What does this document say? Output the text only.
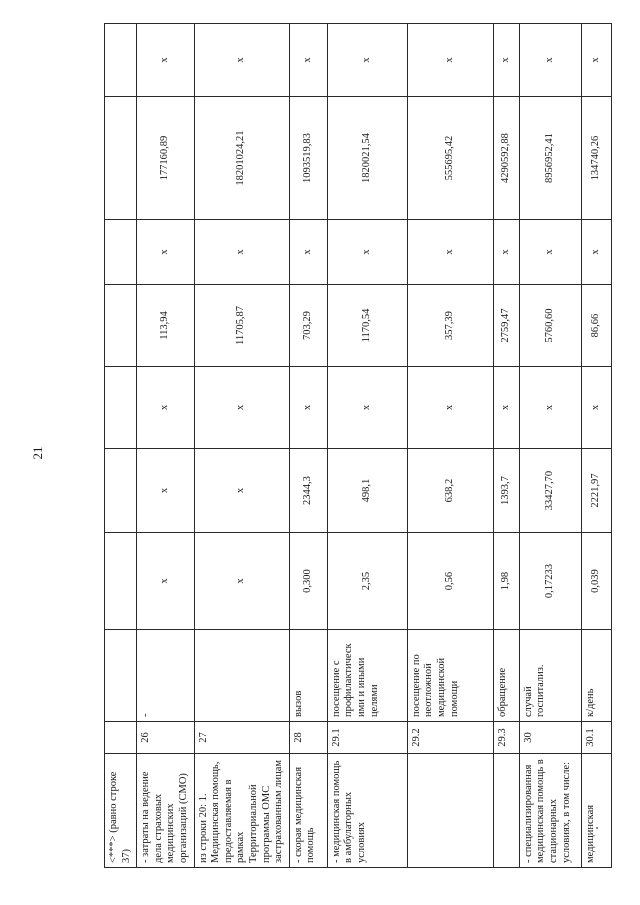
21
<***> (равно строке 37)									
- затраты на ведение дела страховых медицинских организаций (СМО)	26	-	x	x	x	113,94	x	177160,89	x
из строки 20: 1. Медицинская помощь, предоставляемая в рамках Территориальной программы ОМС застрахованным лицам	27		x	x	x	11705,87	x	18201024,21	x
- скорая медицинская помощь	28	вызов	0,300	2344,3	x	703,29	x	1093519,83	x
- медицинская помощь в амбулаторных условиях	29.1	посещение с профилактическ ими и иными целями	2,35	498,1	x	1170,54	x	1820021,54	x
	29.2	посещение по неотложной медицинской помощи	0,56	638,2	x	357,39	x	555695,42	x
	29.3	обращение	1,98	1393,7	x	2759,47	x	4290592,88	x
- специализированная медицинская помощь в стационарных условиях, в том числе:	30	случай госпитализ.	0,17233	33427,70	x	5760,60	x	8956952,41	x
медицинская	30.1	к/день	0,039	2221,97	x	86,66	x	134740,26	x
